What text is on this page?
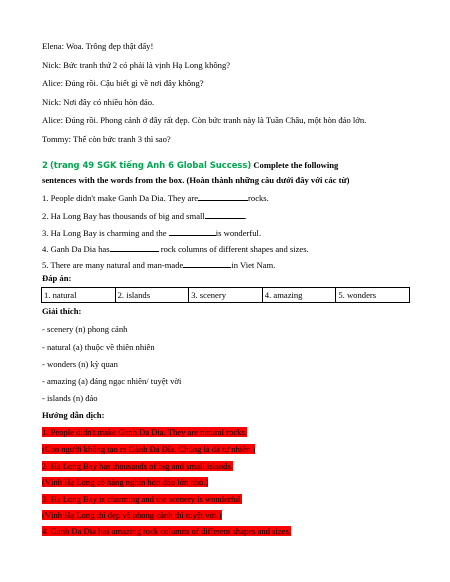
Elena: Woa. Trông đẹp thật đấy!
Nick: Bức tranh thứ 2 có phải là vịnh Hạ Long không?
Alice: Đúng rồi. Cậu biết gì về nơi đây không?
Nick: Nơi đây có nhiều hòn đảo.
Alice: Đúng rồi. Phong cảnh ở đây rất đẹp. Còn bức tranh này là Tuần Châu, một hòn đảo lớn.
Tommy: Thế còn bức tranh 3 thì sao?
2 (trang 49 SGK tiếng Anh 6 Global Success) Complete the following
sentences with the words from the box. (Hoàn thành những câu dưới đây với các từ)
1. People didn't make Ganh Da Dia. They are	rocks.
2. Ha Long Bay has thousands of big and small	.
3. Ha Long Bay is charming and the	is wonderful.
4. Ganh Da Dia has	rock columns of different shapes and sizes.
5. There are many natural and man-made	in Viet Nam.
Đáp án:
1. natural	2. islands	3. scenery	4. amazing	5. wonders
Giải thích:
- scenery (n) phong cảnh
- natural (a) thuộc về thiên nhiên
- wonders (n) kỳ quan
- amazing (a) đáng ngạc nhiên/ tuyệt vời
- islands (n) đảo
Hướng dẫn dịch:
1. People didn't make Ganh Da Dia. They are natural rocks.
(Con người không tạo ra Gành Đá Đĩa. Chúng là đá tự nhiên.)
2. Ha Long Bay has thousands of big and small islands.
(Vịnh Hạ Long có hàng nghìn hòn đảo lớn nhỏ.)
3. Ha Long Bay is charming and the scenery is wonderful.
(Vịnh Hạ Long thì đẹp và phong cảnh thì tuyệt vời.)
4. Ganh Da Dia has amazing rock columns of different shapes and sizes.
